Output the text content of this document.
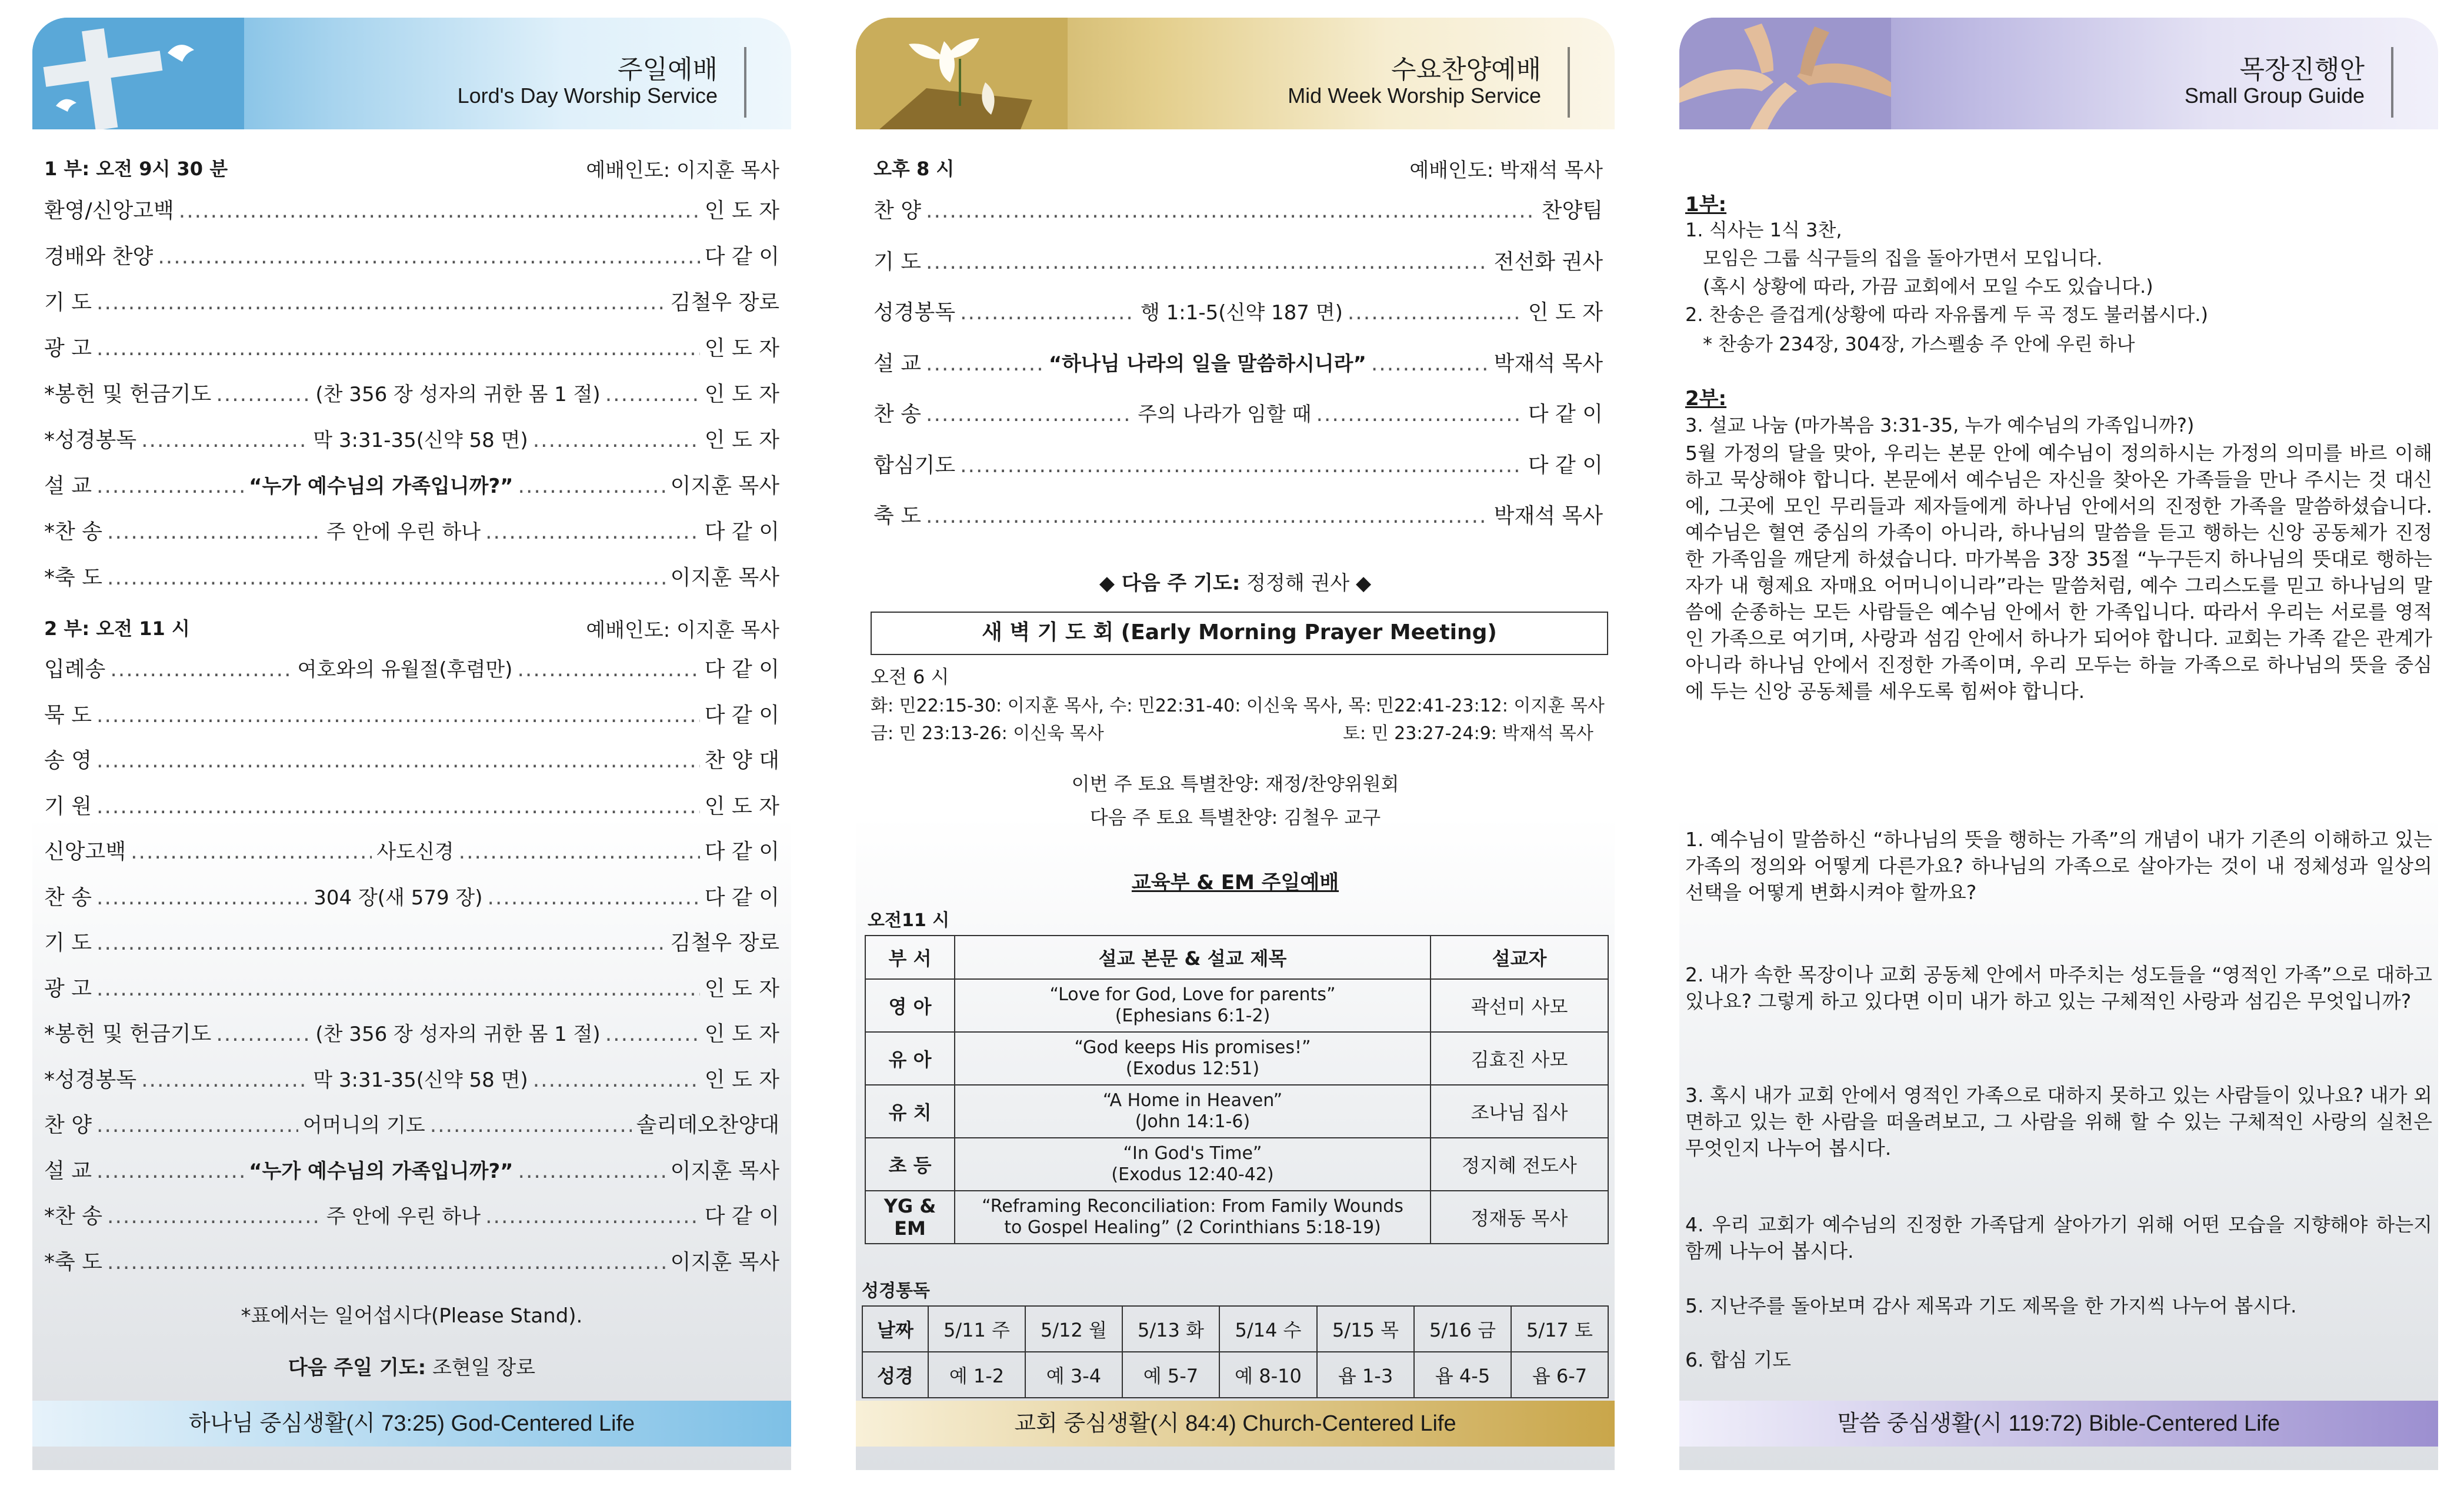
주일예배
Lord's Day Worship Service
1 부: 오전 9시 30 분	예배인도: 이지훈 목사
환영/신앙고백 .....	인 도 자
경배와 찬양 .....	다 같 이
기 도 .....	김철우 장로
광 고 .....	인 도 자
*봉헌 및 헌금기도 .....	(찬 356 장 성자의 귀한 몸 1 절) .....	인 도 자
*성경봉독 .....	막 3:31-35(신약 58 면) .....	인 도 자
설 교 .....	“누가 예수님의 가족입니까?” .....	이지훈 목사
*찬 송 .....	주 안에 우린 하나 .....	다 같 이
*축 도 .....	이지훈 목사
2 부: 오전 11 시	예배인도: 이지훈 목사
입례송 .....	여호와의 유월절(후렴만) .....	다 같 이
묵 도 .....	다 같 이
송 영 .....	찬 양 대
기 원 .....	인 도 자
신앙고백 .....	사도신경 .....	다 같 이
찬 송 .....	304 장(새 579 장) .....	다 같 이
기 도 .....	김철우 장로
광 고 .....	인 도 자
*봉헌 및 헌금기도 .....	(찬 356 장 성자의 귀한 몸 1 절) .....	인 도 자
*성경봉독 .....	막 3:31-35(신약 58 면) .....	인 도 자
찬 양 .....	어머니의 기도 .....	솔리데오찬양대
설 교 .....	“누가 예수님의 가족입니까?” .....	이지훈 목사
*찬 송 .....	주 안에 우린 하나 .....	다 같 이
*축 도 .....	이지훈 목사
*표에서는 일어섭시다(Please Stand).
다음 주일 기도: 조현일 장로
하나님 중심생활(시 73:25) God-Centered Life
수요찬양예배
Mid Week Worship Service
오후 8 시	예배인도: 박재석 목사
찬 양 .....	찬양팀
기 도 .....	전선화 권사
성경봉독 .....	행 1:1-5(신약 187 면) .....	인 도 자
설 교 .....	“하나님 나라의 일을 말씀하시니라” .....	박재석 목사
찬 송 .....	주의 나라가 임할 때 .....	다 같 이
합심기도 .....	다 같 이
축 도 .....	박재석 목사
◆ 다음 주 기도: 정정해 권사 ◆
새 벽 기 도 회 (Early Morning Prayer Meeting)
오전 6 시
화: 민22:15-30: 이지훈 목사, 수: 민22:31-40: 이신욱 목사, 목: 민22:41-23:12: 이지훈 목사
금: 민 23:13-26: 이신욱 목사	토: 민 23:27-24:9: 박재석 목사
이번 주 토요 특별찬양: 재정/찬양위원회
다음 주 토요 특별찬양: 김철우 교구
교육부 & EM 주일예배
오전11 시
부 서	설교 본문 & 설교 제목	설교자
영 아	“Love for God, Love for parents”
(Ephesians 6:1-2)	곽선미 사모
유 아	“God keeps His promises!”
(Exodus 12:51)	김효진 사모
유 치	“A Home in Heaven”
(John 14:1-6)	조나님 집사
초 등	“In God's Time”
(Exodus 12:40-42)	정지혜 전도사
YG & EM	“Reframing Reconciliation: From Family Wounds
to Gospel Healing” (2 Corinthians 5:18-19)	정재동 목사
성경통독
날짜	5/11 주	5/12 월	5/13 화	5/14 수	5/15 목	5/16 금	5/17 토
성경	예 1-2	예 3-4	예 5-7	예 8-10	욥 1-3	욥 4-5	욥 6-7
교회 중심생활(시 84:4) Church-Centered Life
목장진행안
Small Group Guide
1부:
1. 식사는 1식 3찬,
모임은 그룹 식구들의 집을 돌아가면서 모입니다.
(혹시 상황에 따라, 가끔 교회에서 모일 수도 있습니다.)
2. 찬송은 즐겁게(상황에 따라 자유롭게 두 곡 정도 불러봅시다.)
* 찬송가 234장, 304장, 가스펠송 주 안에 우린 하나
2부:
3. 설교 나눔 (마가복음 3:31-35, 누가 예수님의 가족입니까?)
5월 가정의 달을 맞아, 우리는 본문 안에 예수님이 정의하시는 가정의 의미를 바르 이해하고 묵상해야 합니다. 본문에서 예수님은 자신을 찾아온 가족들을 만나 주시는 것 대신에, 그곳에 모인 무리들과 제자들에게 하나님 안에서의 진정한 가족을 말씀하셨습니다. 예수님은 혈연 중심의 가족이 아니라, 하나님의 말씀을 듣고 행하는 신앙 공동체가 진정한 가족임을 깨닫게 하셨습니다. 마가복음 3장 35절 “누구든지 하나님의 뜻대로 행하는 자가 내 형제요 자매요 어머니이니라”라는 말씀처럼, 예수 그리스도를 믿고 하나님의 말씀에 순종하는 모든 사람들은 예수님 안에서 한 가족입니다. 따라서 우리는 서로를 영적인 가족으로 여기며, 사랑과 섬김 안에서 하나가 되어야 합니다. 교회는 가족 같은 관계가 아니라 하나님 안에서 진정한 가족이며, 우리 모두는 하늘 가족으로 하나님의 뜻을 중심에 두는 신앙 공동체를 세우도록 힘써야 합니다.
1. 예수님이 말씀하신 “하나님의 뜻을 행하는 가족”의 개념이 내가 기존의 이해하고 있는 가족의 정의와 어떻게 다른가요? 하나님의 가족으로 살아가는 것이 내 정체성과 일상의 선택을 어떻게 변화시켜야 할까요?
2. 내가 속한 목장이나 교회 공동체 안에서 마주치는 성도들을 “영적인 가족”으로 대하고 있나요? 그렇게 하고 있다면 이미 내가 하고 있는 구체적인 사랑과 섬김은 무엇입니까?
3. 혹시 내가 교회 안에서 영적인 가족으로 대하지 못하고 있는 사람들이 있나요? 내가 외면하고 있는 한 사람을 떠올려보고, 그 사람을 위해 할 수 있는 구체적인 사랑의 실천은 무엇인지 나누어 봅시다.
4. 우리 교회가 예수님의 진정한 가족답게 살아가기 위해 어떤 모습을 지향해야 하는지 함께 나누어 봅시다.
5. 지난주를 돌아보며 감사 제목과 기도 제목을 한 가지씩 나누어 봅시다.
6. 합심 기도
말씀 중심생활(시 119:72) Bible-Centered Life
